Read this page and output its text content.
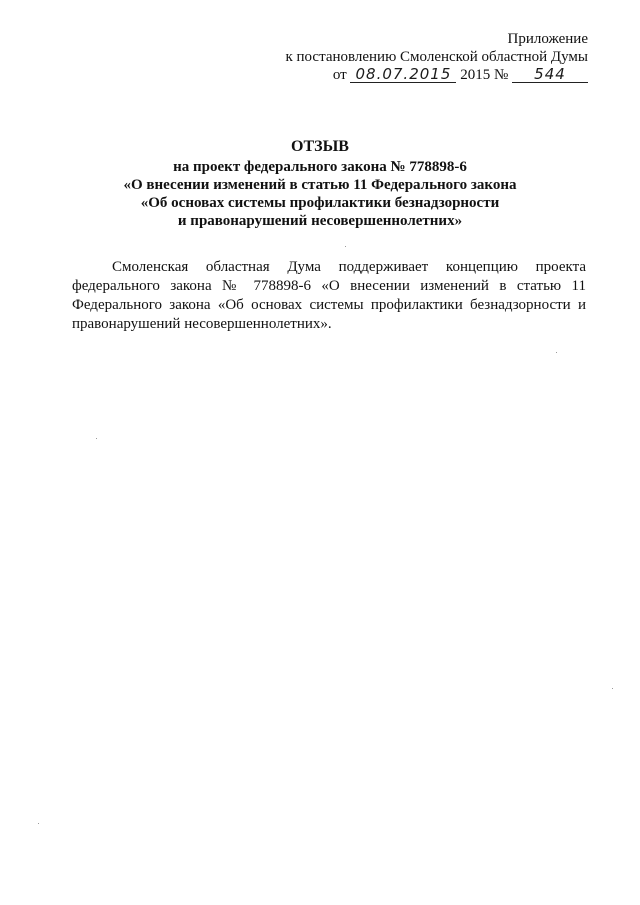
Приложение
к постановлению Смоленской областной Думы
от 08.07.2015 2015 № 544
ОТЗЫВ
на проект федерального закона № 778898-6
«О внесении изменений в статью 11 Федерального закона
«Об основах системы профилактики безнадзорности
и правонарушений несовершеннолетних»

Смоленская областная Дума поддерживает концепцию проекта федерального закона № 778898-6 «О внесении изменений в статью 11 Федерального закона «Об основах системы профилактики безнадзорности и правонарушений несовершеннолетних».
